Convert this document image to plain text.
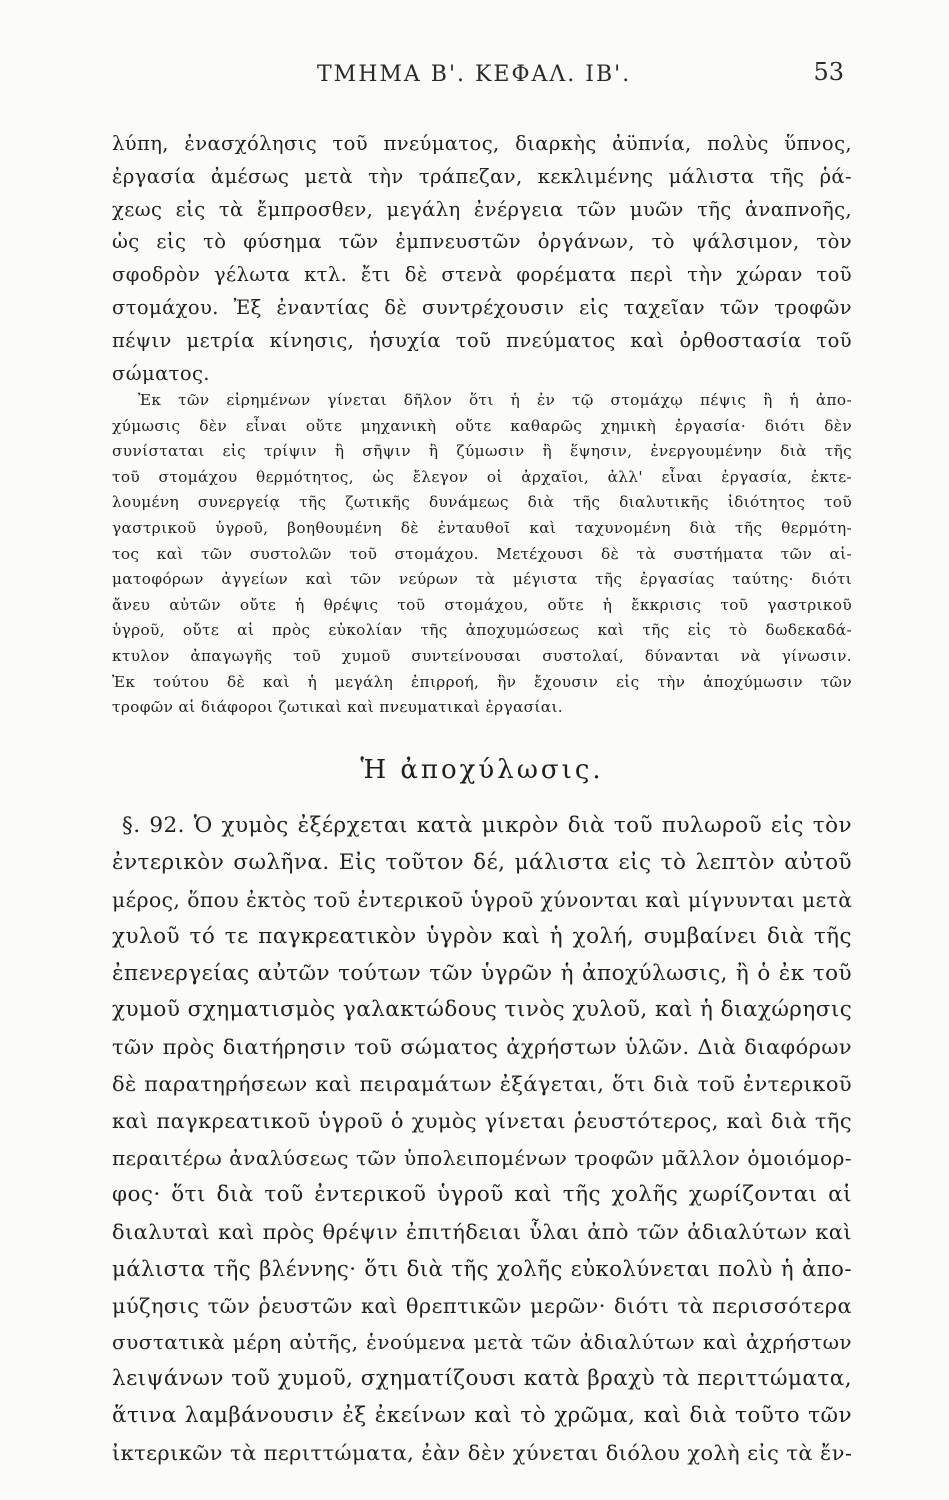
ΤΜΗΜΑ Β'. ΚΕΦΑΛ. ΙΒ'.	53
λύπη, ἐνασχόλησις τοῦ πνεύματος, διαρκὴς ἀϋπνία, πολὺς ὕπνος,
ἐργασία ἀμέσως μετὰ τὴν τράπεζαν, κεκλιμένης μάλιστα τῆς ῥά-
χεως εἰς τὰ ἔμπροσθεν, μεγάλη ἐνέργεια τῶν μυῶν τῆς ἀναπνοῆς,
ὡς εἰς τὸ φύσημα τῶν ἐμπνευστῶν ὀργάνων, τὸ ψάλσιμον, τὸν
σφοδρὸν γέλωτα κτλ. ἔτι δὲ στενὰ φορέματα περὶ τὴν χώραν τοῦ
στομάχου. Ἐξ ἐναντίας δὲ συντρέχουσιν εἰς ταχεῖαν τῶν τροφῶν
πέψιν μετρία κίνησις, ἡσυχία τοῦ πνεύματος καὶ ὀρθοστασία τοῦ
σώματος.
Ἐκ τῶν εἰρημένων γίνεται δῆλον ὅτι ἡ ἐν τῷ στομάχῳ πέψις ἢ ἡ ἀπο-
χύμωσις δὲν εἶναι οὔτε μηχανικὴ οὔτε καθαρῶς χημικὴ ἐργασία· διότι δὲν
συνίσταται εἰς τρίψιν ἢ σῆψιν ἢ ζύμωσιν ἢ ἕψησιν, ἐνεργουμένην διὰ τῆς
τοῦ στομάχου θερμότητος, ὡς ἔλεγον οἱ ἀρχαῖοι, ἀλλ' εἶναι ἐργασία, ἐκτε-
λουμένη συνεργείᾳ τῆς ζωτικῆς δυνάμεως διὰ τῆς διαλυτικῆς ἰδιότητος τοῦ
γαστρικοῦ ὑγροῦ, βοηθουμένη δὲ ἐνταυθοῖ καὶ ταχυνομένη διὰ τῆς θερμότη-
τος καὶ τῶν συστολῶν τοῦ στομάχου. Μετέχουσι δὲ τὰ συστήματα τῶν αἱ-
ματοφόρων ἀγγείων καὶ τῶν νεύρων τὰ μέγιστα τῆς ἐργασίας ταύτης· διότι
ἄνευ αὐτῶν οὔτε ἡ θρέψις τοῦ στομάχου, οὔτε ἡ ἔκκρισις τοῦ γαστρικοῦ
ὑγροῦ, οὔτε αἱ πρὸς εὐκολίαν τῆς ἀποχυμώσεως καὶ τῆς εἰς τὸ δωδεκαδά-
κτυλον ἀπαγωγῆς τοῦ χυμοῦ συντείνουσαι συστολαί, δύνανται νὰ γίνωσιν.
Ἐκ τούτου δὲ καὶ ἡ μεγάλη ἐπιρροή, ἣν ἔχουσιν εἰς τὴν ἀποχύμωσιν τῶν
τροφῶν αἱ διάφοροι ζωτικαὶ καὶ πνευματικαὶ ἐργασίαι.
Ἡ ἀποχύλωσις.
§. 92. Ὁ χυμὸς ἐξέρχεται κατὰ μικρὸν διὰ τοῦ πυλωροῦ εἰς τὸν
ἐντερικὸν σωλῆνα. Εἰς τοῦτον δέ, μάλιστα εἰς τὸ λεπτὸν αὐτοῦ
μέρος, ὅπου ἐκτὸς τοῦ ἐντερικοῦ ὑγροῦ χύνονται καὶ μίγνυνται μετὰ
χυλοῦ τό τε παγκρεατικὸν ὑγρὸν καὶ ἡ χολή, συμβαίνει διὰ τῆς
ἐπενεργείας αὐτῶν τούτων τῶν ὑγρῶν ἡ ἀποχύλωσις, ἢ ὁ ἐκ τοῦ
χυμοῦ σχηματισμὸς γαλακτώδους τινὸς χυλοῦ, καὶ ἡ διαχώρησις
τῶν πρὸς διατήρησιν τοῦ σώματος ἀχρήστων ὑλῶν. Διὰ διαφόρων
δὲ παρατηρήσεων καὶ πειραμάτων ἐξάγεται, ὅτι διὰ τοῦ ἐντερικοῦ
καὶ παγκρεατικοῦ ὑγροῦ ὁ χυμὸς γίνεται ῥευστότερος, καὶ διὰ τῆς
περαιτέρω ἀναλύσεως τῶν ὑπολειπομένων τροφῶν μᾶλλον ὁμοιόμορ-
φος· ὅτι διὰ τοῦ ἐντερικοῦ ὑγροῦ καὶ τῆς χολῆς χωρίζονται αἱ
διαλυταὶ καὶ πρὸς θρέψιν ἐπιτήδειαι ὗλαι ἀπὸ τῶν ἀδιαλύτων καὶ
μάλιστα τῆς βλέννης· ὅτι διὰ τῆς χολῆς εὐκολύνεται πολὺ ἡ ἀπο-
μύζησις τῶν ῥευστῶν καὶ θρεπτικῶν μερῶν· διότι τὰ περισσότερα
συστατικὰ μέρη αὐτῆς, ἑνούμενα μετὰ τῶν ἀδιαλύτων καὶ ἀχρήστων
λειψάνων τοῦ χυμοῦ, σχηματίζουσι κατὰ βραχὺ τὰ περιττώματα,
ἅτινα λαμβάνουσιν ἐξ ἐκείνων καὶ τὸ χρῶμα, καὶ διὰ τοῦτο τῶν
ἰκτερικῶν τὰ περιττώματα, ἐὰν δὲν χύνεται διόλου χολὴ εἰς τὰ ἔν-
